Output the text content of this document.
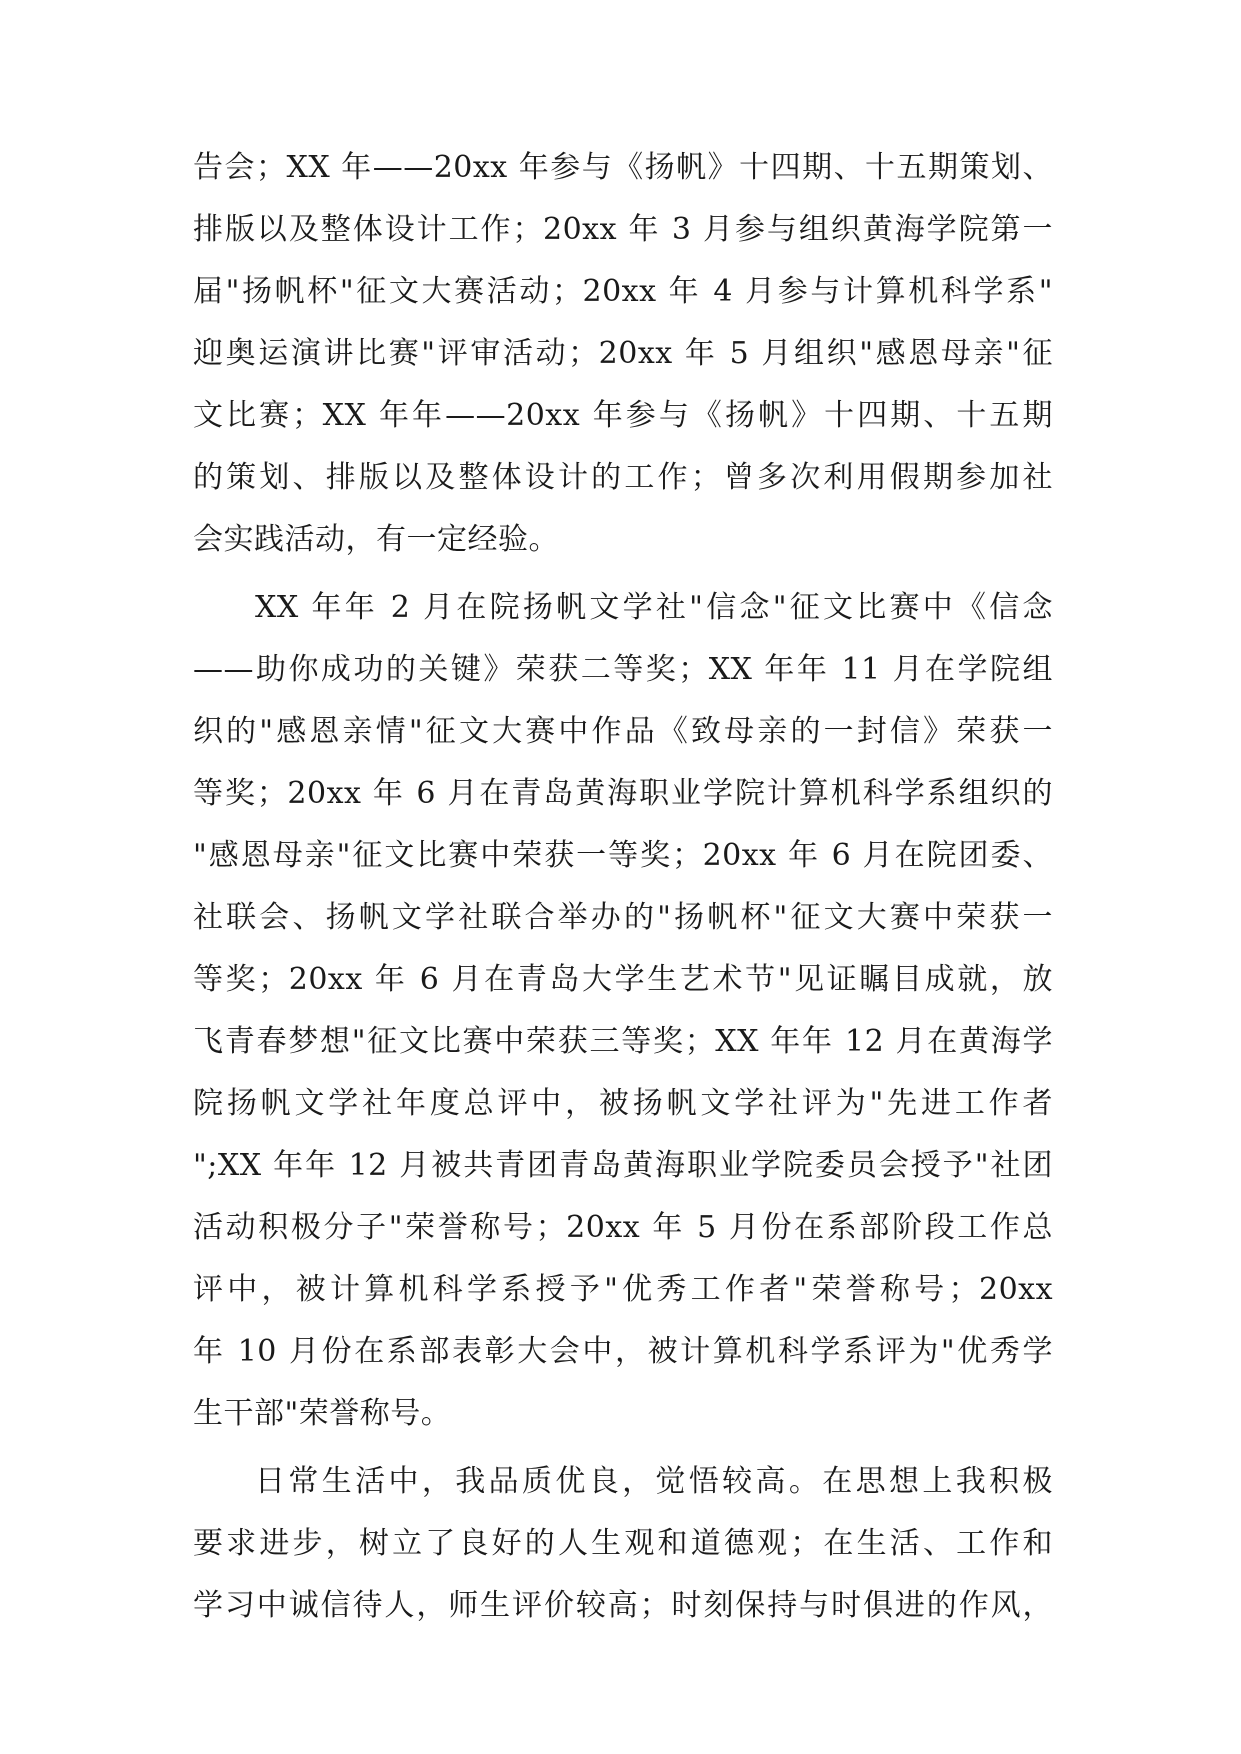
告会；XX 年——20xx 年参与《扬帆》十四期、十五期策划、
排版以及整体设计工作；20xx 年 3 月参与组织黄海学院第一
届"扬帆杯"征文大赛活动；20xx 年 4 月参与计算机科学系"
迎奥运演讲比赛"评审活动；20xx 年 5 月组织"感恩母亲"征
文比赛；XX 年年——20xx 年参与《扬帆》十四期、十五期
的策划、排版以及整体设计的工作；曾多次利用假期参加社
会实践活动，有一定经验。
XX 年年 2 月在院扬帆文学社"信念"征文比赛中《信念
——助你成功的关键》荣获二等奖；XX 年年 11 月在学院组
织的"感恩亲情"征文大赛中作品《致母亲的一封信》荣获一
等奖；20xx 年 6 月在青岛黄海职业学院计算机科学系组织的
"感恩母亲"征文比赛中荣获一等奖；20xx 年 6 月在院团委、
社联会、扬帆文学社联合举办的"扬帆杯"征文大赛中荣获一
等奖；20xx 年 6 月在青岛大学生艺术节"见证瞩目成就，放
飞青春梦想"征文比赛中荣获三等奖；XX 年年 12 月在黄海学
院扬帆文学社年度总评中，被扬帆文学社评为"先进工作者
";XX 年年 12 月被共青团青岛黄海职业学院委员会授予"社团
活动积极分子"荣誉称号；20xx 年 5 月份在系部阶段工作总
评中，被计算机科学系授予"优秀工作者"荣誉称号；20xx
年 10 月份在系部表彰大会中，被计算机科学系评为"优秀学
生干部"荣誉称号。
日常生活中，我品质优良，觉悟较高。在思想上我积极
要求进步，树立了良好的人生观和道德观；在生活、工作和
学习中诚信待人，师生评价较高；时刻保持与时俱进的作风，
